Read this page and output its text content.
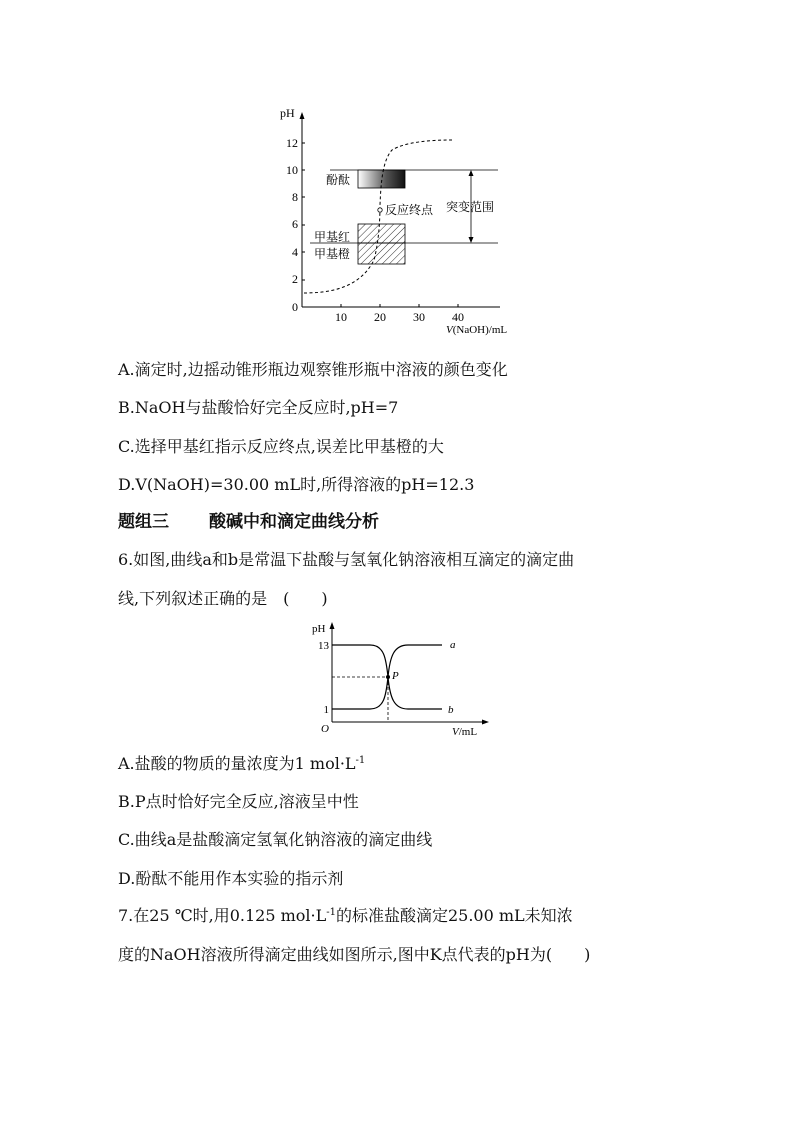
pH
0
2
4
6
8
10
12
10 20 30 40
V(NaOH)/mL
酚酞
甲基红
甲基橙
反应终点 突变范围
A.滴定时,边摇动锥形瓶边观察锥形瓶中溶液的颜色变化
B.NaOH与盐酸恰好完全反应时,pH=7
C.选择甲基红指示反应终点,误差比甲基橙的大
D.V(NaOH)=30.00 mL时,所得溶液的pH=12.3
题组三 酸碱中和滴定曲线分析
6.如图,曲线a和b是常温下盐酸与氢氧化钠溶液相互滴定的滴定曲
线,下列叙述正确的是　(　　)
pH
13
1
O	V/mL
P
a
b
A.盐酸的物质的量浓度为1 $mol\cdot L^{-1}$
B.P点时恰好完全反应,溶液呈中性
C.曲线a是盐酸滴定氢氧化钠溶液的滴定曲线
D.酚酞不能用作本实验的指示剂
7.在25 ℃时,用0.125 $mol\cdot L^{-1}$的标准盐酸滴定25.00 mL未知浓
度的NaOH溶液所得滴定曲线如图所示,图中K点代表的pH为(　　)
